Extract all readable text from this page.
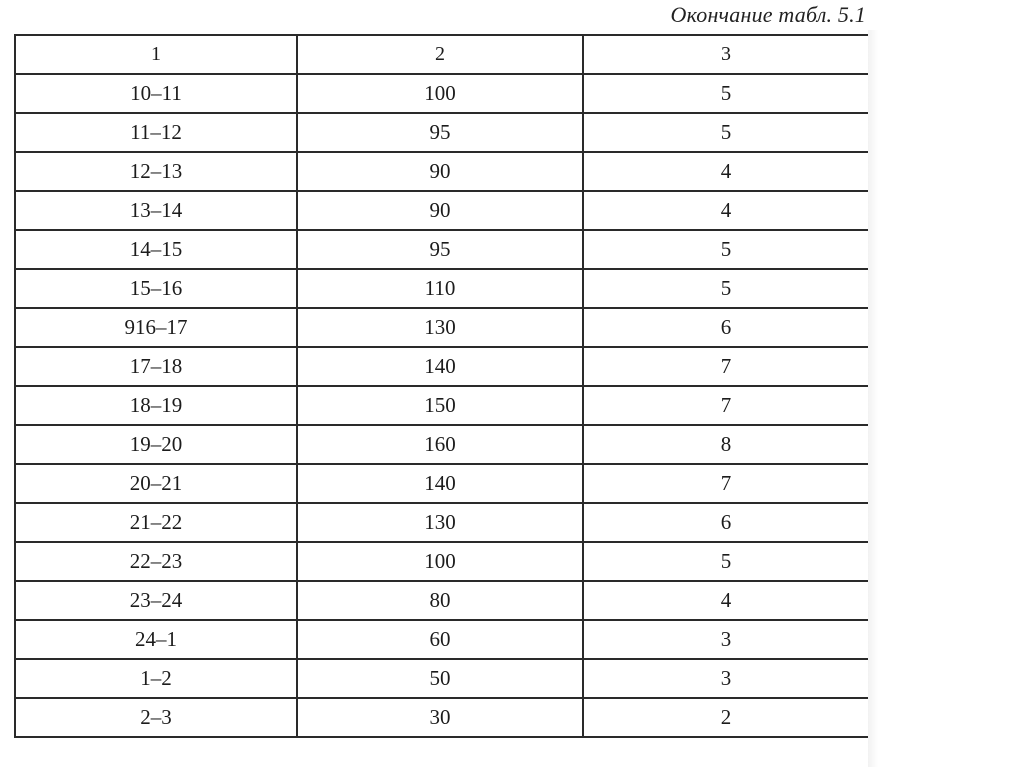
Окончание табл. 5.1
1	2	3
10–11	100	5
11–12	95	5
12–13	90	4
13–14	90	4
14–15	95	5
15–16	110	5
916–17	130	6
17–18	140	7
18–19	150	7
19–20	160	8
20–21	140	7
21–22	130	6
22–23	100	5
23–24	80	4
24–1	60	3
1–2	50	3
2–3	30	2
